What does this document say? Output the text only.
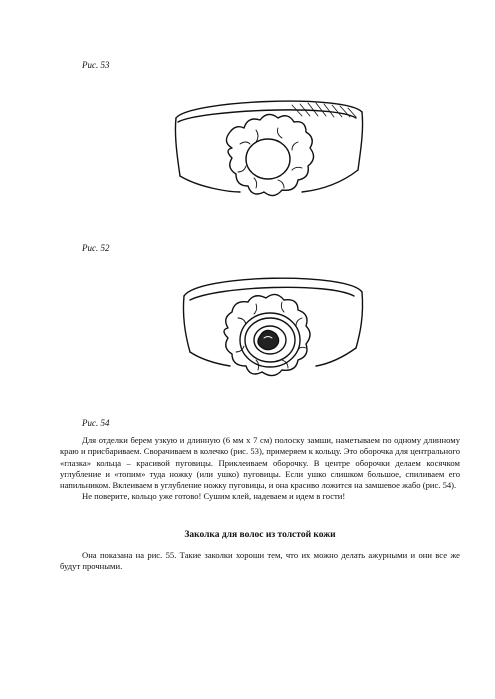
Рис. 53
Рис. 52
Рис. 54

Для отделки берем узкую и длинную (6 мм х 7 см) полоску замши, наметываем по одному длинному краю и присбариваем. Сворачиваем в колечко (рис. 53), примеряем к кольцу. Это оборочка для центрального «глазка» кольца – красивой пуговицы. Приклеиваем оборочку. В центре оборочки делаем косячком углубление и «топим» туда ножку (или ушко) пуговицы. Если ушко слишком большое, спиливаем его напильником. Вклеиваем в углубление ножку пуговицы, и она красиво ложится на замшевое жабо (рис. 54).

Не поверите, кольцо уже готово! Сушим клей, надеваем и идем в гости!

Заколка для волос из толстой кожи

Она показана на рис. 55. Такие заколки хороши тем, что их можно делать ажурными и они все же будут прочными.
